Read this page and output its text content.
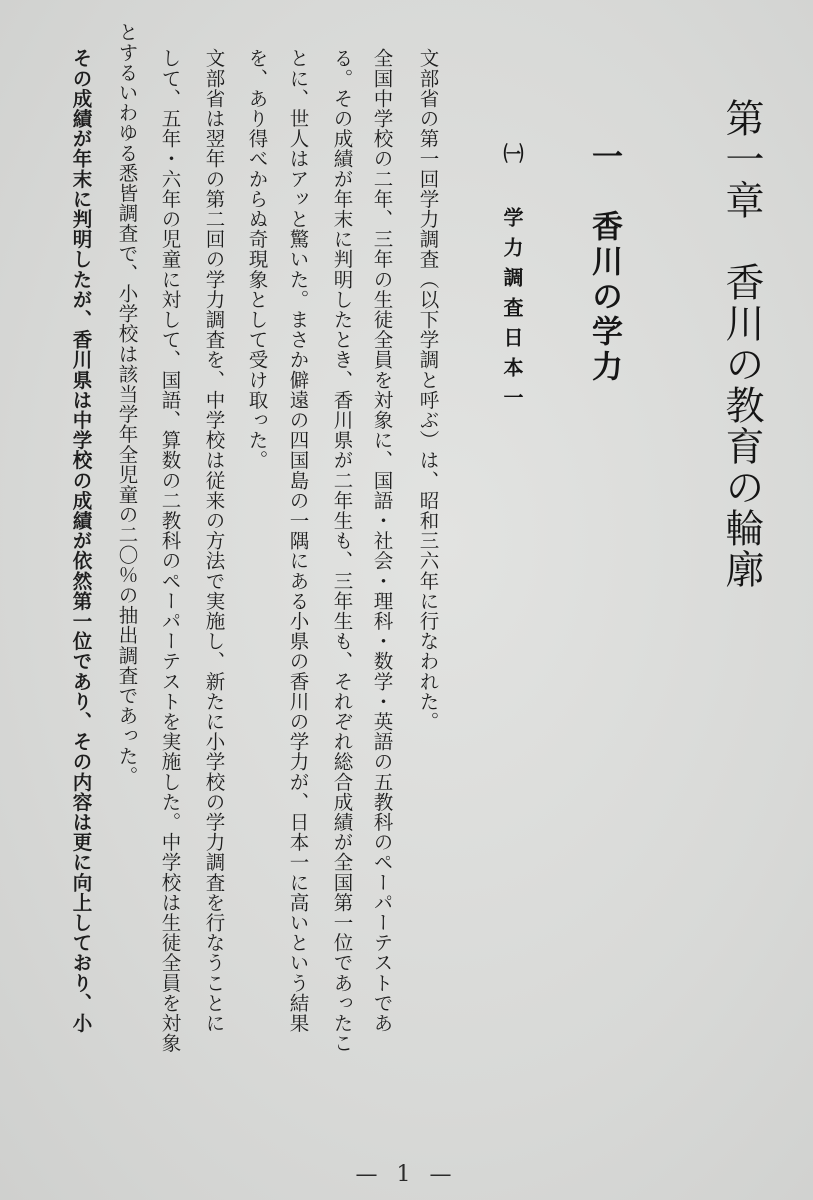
第一章　香川の教育の輪廓
一　香川の学力
㈠ 学力調査日本一
文部省の第一回学力調査（以下学調と呼ぶ）は、昭和三六年に行なわれた。
全国中学校の二年、三年の生徒全員を対象に、国語・社会・理科・数学・英語の五教科のペーパーテストであ
る。その成績が年末に判明したとき、香川県が二年生も、三年生も、それぞれ総合成績が全国第一位であったこ
とに、世人はアッと驚いた。まさか僻遠の四国島の一隅にある小県の香川の学力が、日本一に高いという結果
を、あり得べからぬ奇現象として受け取った。
文部省は翌年の第二回の学力調査を、中学校は従来の方法で実施し、新たに小学校の学力調査を行なうことに
して、五年・六年の児童に対して、国語、算数の二教科のペーパーテストを実施した。中学校は生徒全員を対象
とするいわゆる悉皆調査で、小学校は該当学年全児童の二〇％の抽出調査であった。
その成績が年末に判明したが、香川県は中学校の成績が依然第一位であり、その内容は更に向上しており、小
— 1 —
